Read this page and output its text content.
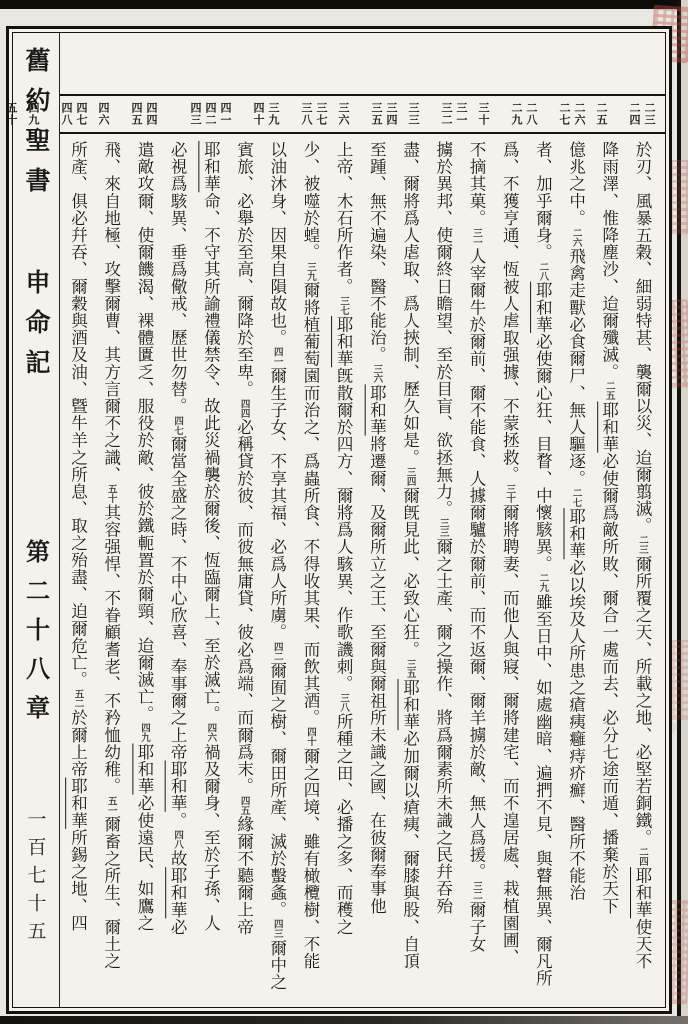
舊約聖書
申命記
第二十八章
一百七十五
二三
二四
二五
二六
二七
二八
二九
三十
三一
三二
三三
三四
三五
三六
三七
三八
三九
四十
四一
四二
四三
四四
四五
四六
四七
四八
四九
五十
於刃、風暴五穀、細弱特甚、襲爾以災、迨爾翦滅。二三爾所覆之天、所載之地、必堅若銅鐵。二四耶和華使天不
降雨澤、惟降塵沙、迨爾殲滅。二五耶和華必使爾爲敵所敗、爾合一處而去、必分七途而遁、播棄於天下
億兆之中。二六飛禽走獸必食爾尸、無人驅逐。二七耶和華必以埃及人所患之瘡痍癰痔疥癬、醫所不能治
者、加乎爾身。二八耶和華必使爾心狂、目瞀、中懷駭異。二九雖至日中、如處幽暗、遍捫不見、與瞽無異、爾凡所
爲、不獲亨通、恆被人虐取强據、不蒙拯救。三十爾將聘妻、而他人與寢、爾將建宅、而不遑居處、栽植園圃、
不摘其菓。三一人宰爾牛於爾前、爾不能食、人據爾驢於爾前、而不返爾、爾羊擄於敵、無人爲援。三二爾子女
擄於異邦、使爾終日瞻望、至於目盲、欲拯無力。三三爾之土產、爾之操作、將爲爾素所未識之民幷吞殆
盡、爾將爲人虐取、爲人挾制、歷久如是。三四爾旣見此、必致心狂。三五耶和華必加爾以瘡痍、爾膝與股、自頂
至踵、無不遍染、醫不能治。三六耶和華將遷爾、及爾所立之王、至爾與爾祖所未識之國、在彼爾奉事他
上帝、木石所作者。三七耶和華旣散爾於四方、爾將爲人駭異、作歌譏刺。三八所種之田、必播之多、而穫之
少、被噬於蝗。三九爾將植葡萄園而治之、爲蟲所食、不得收其果、而飲其酒。四十爾之四境、雖有橄欖樹、不能
以油沐身、因果自隕故也。四一爾生子女、不享其福、必爲人所虜。四二爾囿之樹、爾田所產、滅於蟿螽。四三爾中之
賓旅、必舉於至高、爾降於至卑。四四必稱貸於彼、而彼無庸貸、彼必爲端、而爾爲末。四五緣爾不聽爾上帝
耶和華命、不守其所諭禮儀禁令、故此災禍襲於爾後、恆臨爾上、至於滅亡。四六禍及爾身、至於子孫、人
必視爲駭異、垂爲儆戒、歷世勿替。四七爾當全盛之時、不中心欣喜、奉事爾之上帝耶和華。四八故耶和華必
遣敵攻爾、使爾饑渴、裸體匱乏、服役於敵、彼於鐵軛置於爾頸、迨爾滅亡。四九耶和華必使遠民、如鷹之
飛、來自地極、攻擊爾曹、其方言爾不之識、五十其容强悍、不眷顧耆老、不矜恤幼稚。五一爾畜之所生、爾土之
所產、俱必幷吞、爾穀與酒及油、曁牛羊之所息、取之殆盡、迫爾危亡。五二於爾上帝耶和華所錫之地、四
